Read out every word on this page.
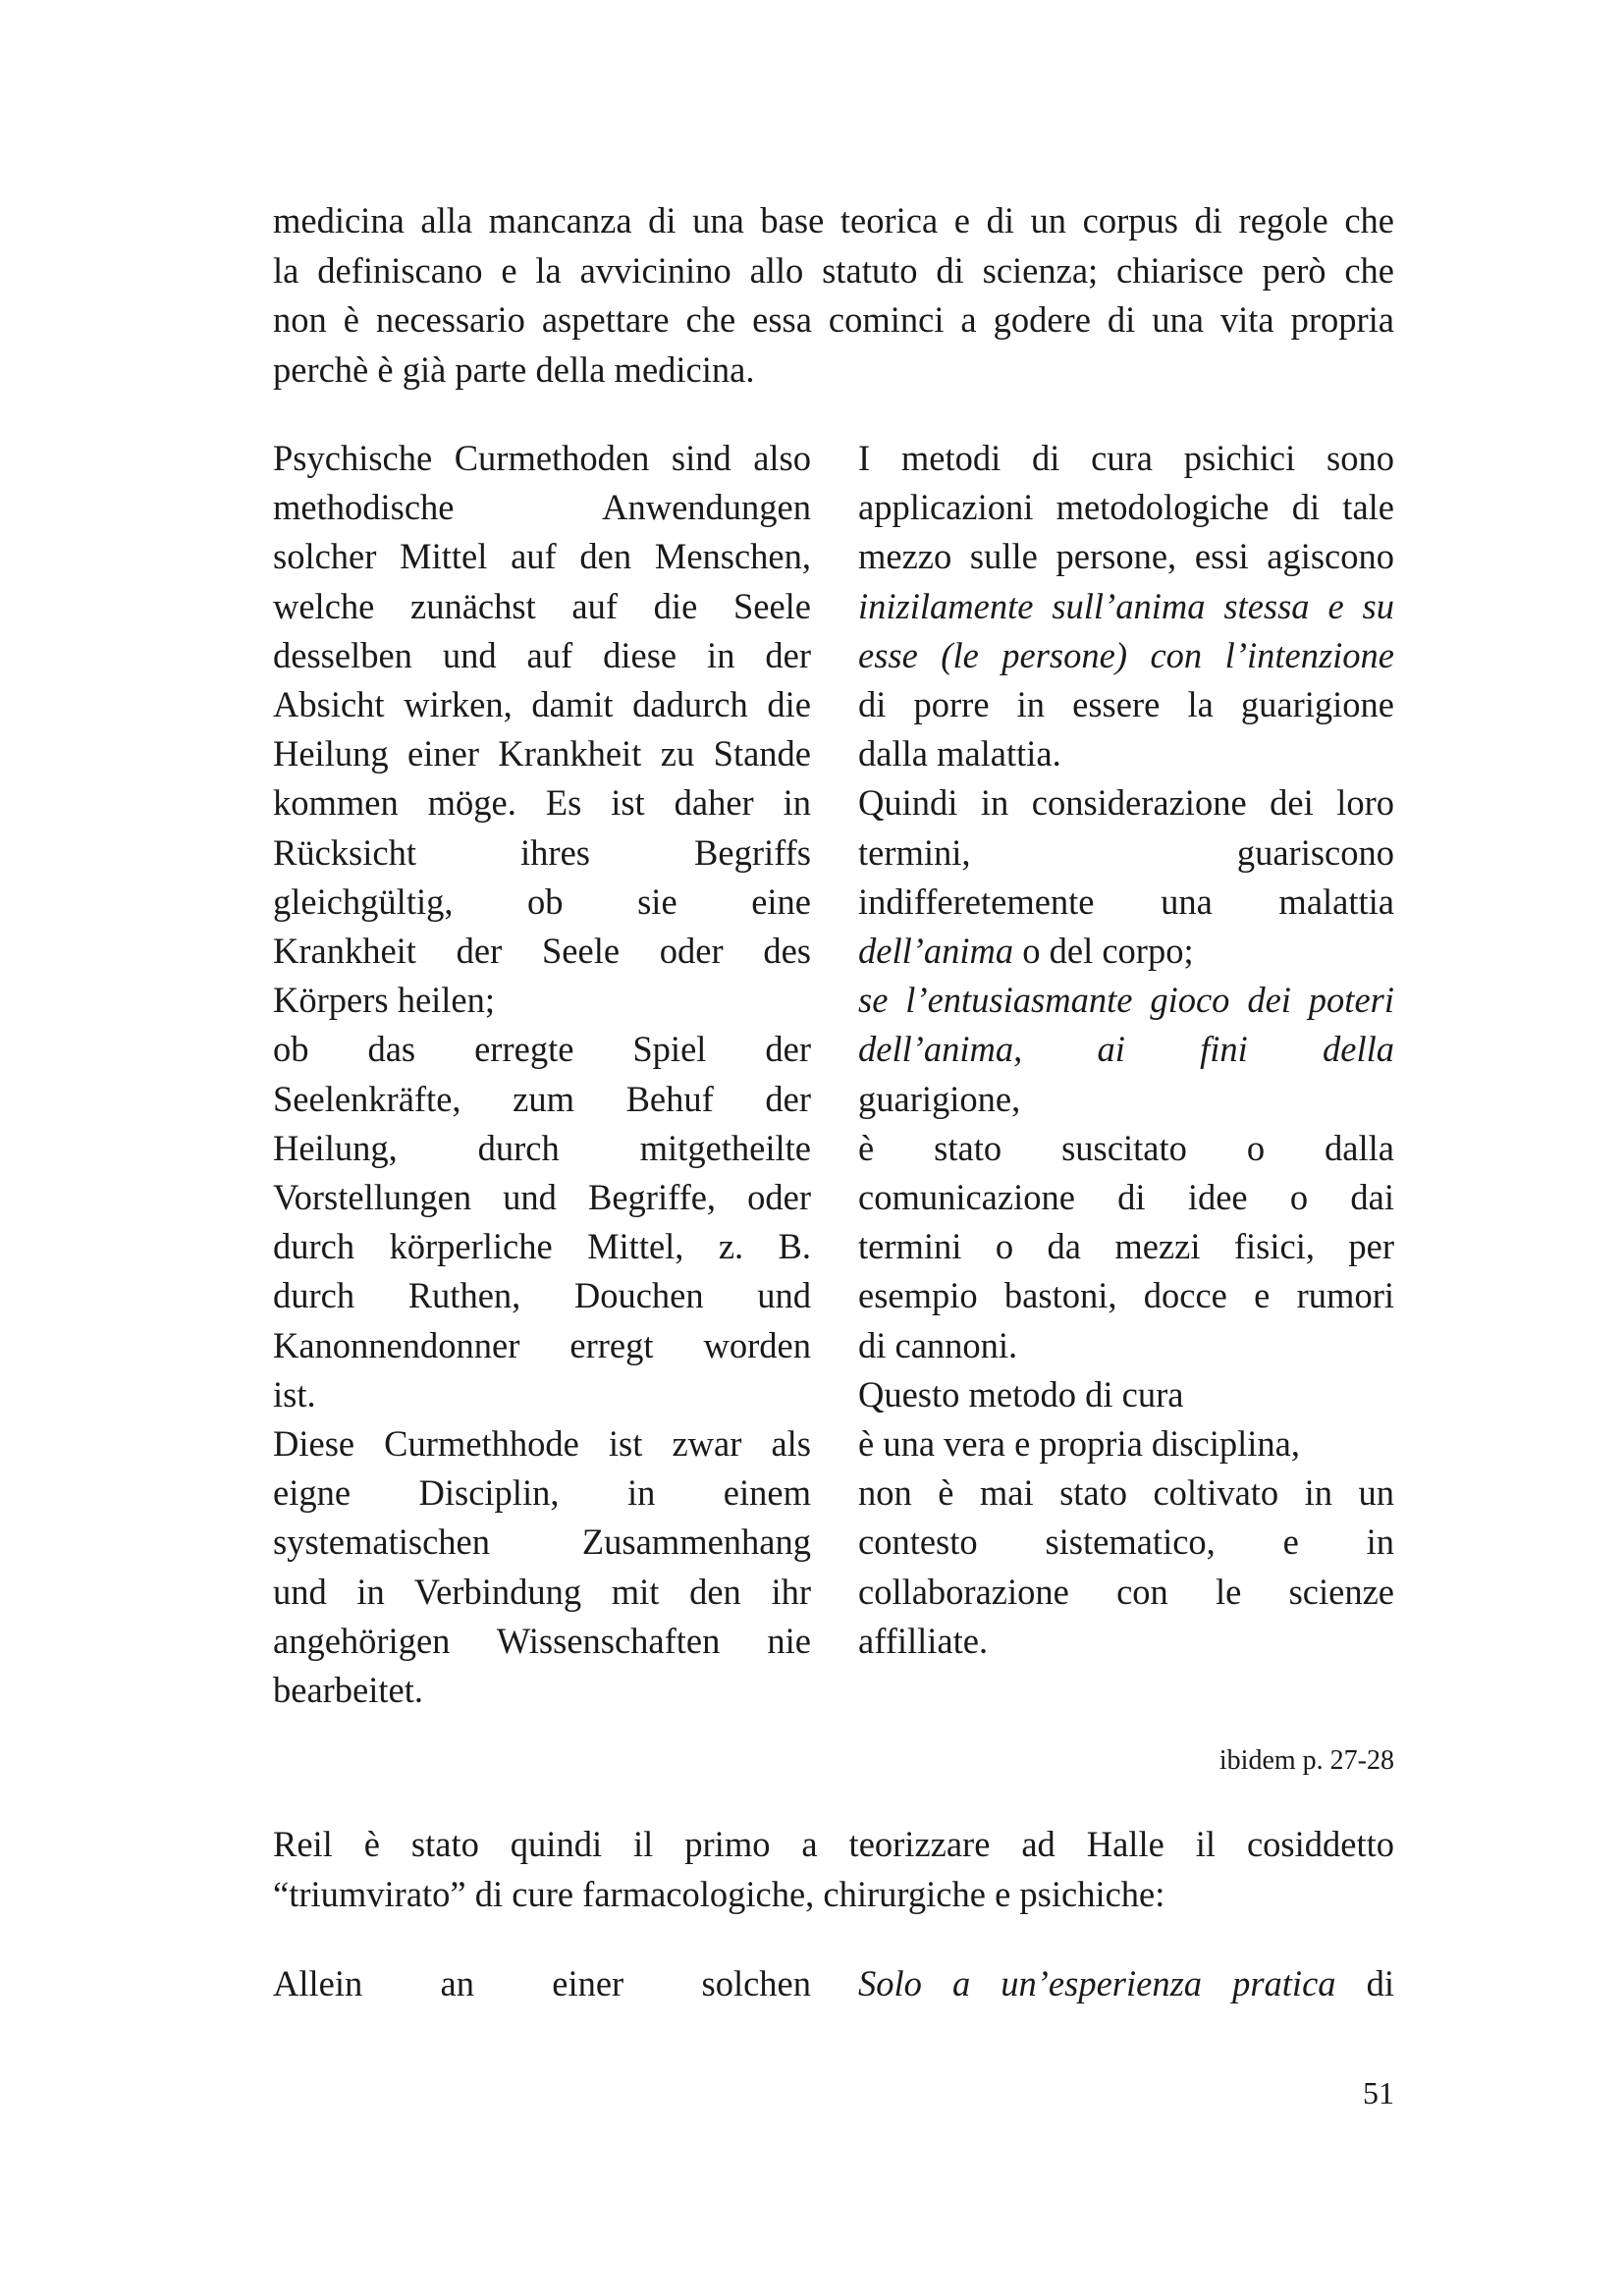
medicina alla mancanza di una base teorica e di un corpus di regole che
la definiscano e la avvicinino allo statuto di scienza; chiarisce però che
non è necessario aspettare che essa cominci a godere di una vita propria
perchè è già parte della medicina.
Psychische Curmethoden sind also
methodische Anwendungen
solcher Mittel auf den Menschen,
welche zunächst auf die Seele
desselben und auf diese in der
Absicht wirken, damit dadurch die
Heilung einer Krankheit zu Stande
kommen möge. Es ist daher in
Rücksicht ihres Begriffs
gleichgültig, ob sie eine
Krankheit der Seele oder des
Körpers heilen;
ob das erregte Spiel der
Seelenkräfte, zum Behuf der
Heilung, durch mitgetheilte
Vorstellungen und Begriffe, oder
durch körperliche Mittel, z. B.
durch Ruthen, Douchen und
Kanonnendonner erregt worden
ist.
Diese Curmethhode ist zwar als
eigne Disciplin, in einem
systematischen Zusammenhang
und in Verbindung mit den ihr
angehörigen Wissenschaften nie
bearbeitet.
I metodi di cura psichici sono
applicazioni metodologiche di tale
mezzo sulle persone, essi agiscono
inizilamente sull’anima stessa e su
esse (le persone) con l’intenzione
di porre in essere la guarigione
dalla malattia.
Quindi in considerazione dei loro
termini, guariscono
indifferetemente una malattia
dell’anima o del corpo;
se l’entusiasmante gioco dei poteri
dell’anima, ai fini della
guarigione,
è stato suscitato o dalla
comunicazione di idee o dai
termini o da mezzi fisici, per
esempio bastoni, docce e rumori
di cannoni.
Questo metodo di cura
è una vera e propria disciplina,
non è mai stato coltivato in un
contesto sistematico, e in
collaborazione con le scienze
affilliate.

ibidem p. 27-28

Reil è stato quindi il primo a teorizzare ad Halle il cosiddetto
“triumvirato” di cure farmacologiche, chirurgiche e psichiche:
Allein an einer solchen Solo a un’esperienza pratica di

51
